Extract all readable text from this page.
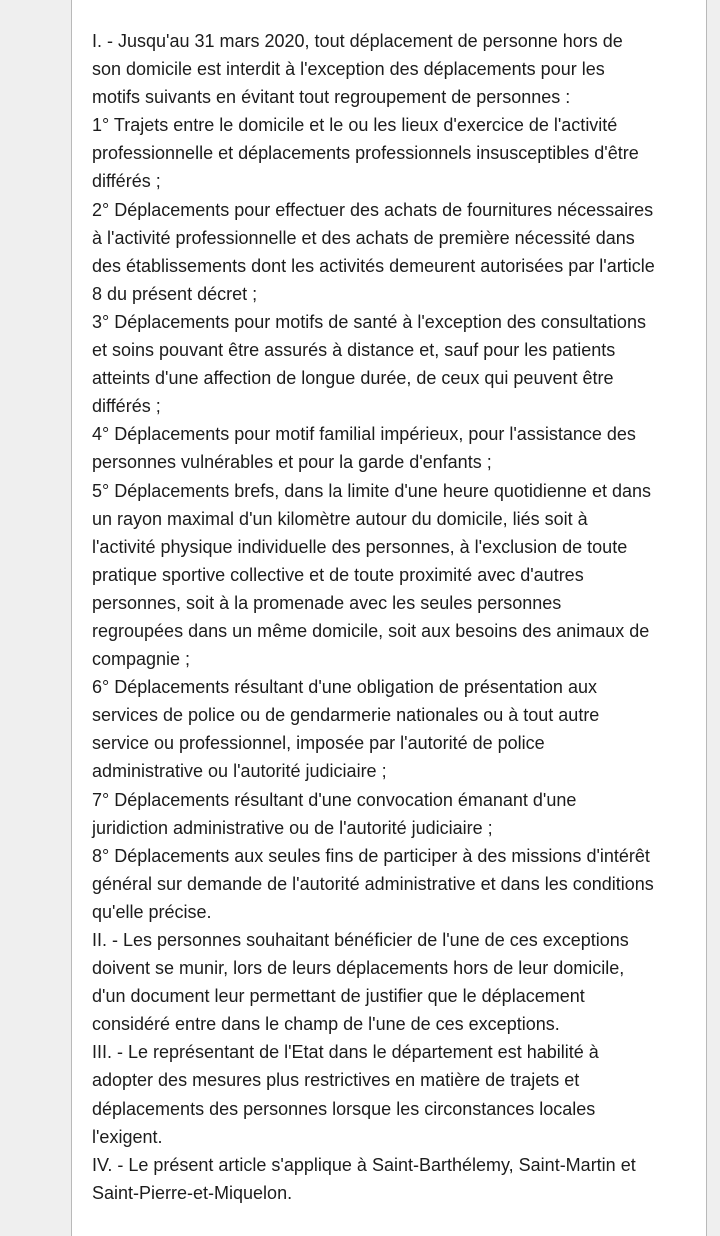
I. - Jusqu'au 31 mars 2020, tout déplacement de personne hors de
son domicile est interdit à l'exception des déplacements pour les
motifs suivants en évitant tout regroupement de personnes :
1° Trajets entre le domicile et le ou les lieux d'exercice de l'activité
professionnelle et déplacements professionnels insusceptibles d'être
différés ;
2° Déplacements pour effectuer des achats de fournitures nécessaires
à l'activité professionnelle et des achats de première nécessité dans
des établissements dont les activités demeurent autorisées par l'article
8 du présent décret ;
3° Déplacements pour motifs de santé à l'exception des consultations
et soins pouvant être assurés à distance et, sauf pour les patients
atteints d'une affection de longue durée, de ceux qui peuvent être
différés ;
4° Déplacements pour motif familial impérieux, pour l'assistance des
personnes vulnérables et pour la garde d'enfants ;
5° Déplacements brefs, dans la limite d'une heure quotidienne et dans
un rayon maximal d'un kilomètre autour du domicile, liés soit à
l'activité physique individuelle des personnes, à l'exclusion de toute
pratique sportive collective et de toute proximité avec d'autres
personnes, soit à la promenade avec les seules personnes
regroupées dans un même domicile, soit aux besoins des animaux de
compagnie ;
6° Déplacements résultant d'une obligation de présentation aux
services de police ou de gendarmerie nationales ou à tout autre
service ou professionnel, imposée par l'autorité de police
administrative ou l'autorité judiciaire ;
7° Déplacements résultant d'une convocation émanant d'une
juridiction administrative ou de l'autorité judiciaire ;
8° Déplacements aux seules fins de participer à des missions d'intérêt
général sur demande de l'autorité administrative et dans les conditions
qu'elle précise.
II. - Les personnes souhaitant bénéficier de l'une de ces exceptions
doivent se munir, lors de leurs déplacements hors de leur domicile,
d'un document leur permettant de justifier que le déplacement
considéré entre dans le champ de l'une de ces exceptions.
III. - Le représentant de l'Etat dans le département est habilité à
adopter des mesures plus restrictives en matière de trajets et
déplacements des personnes lorsque les circonstances locales
l'exigent.
IV. - Le présent article s'applique à Saint-Barthélemy, Saint-Martin et
Saint-Pierre-et-Miquelon.
